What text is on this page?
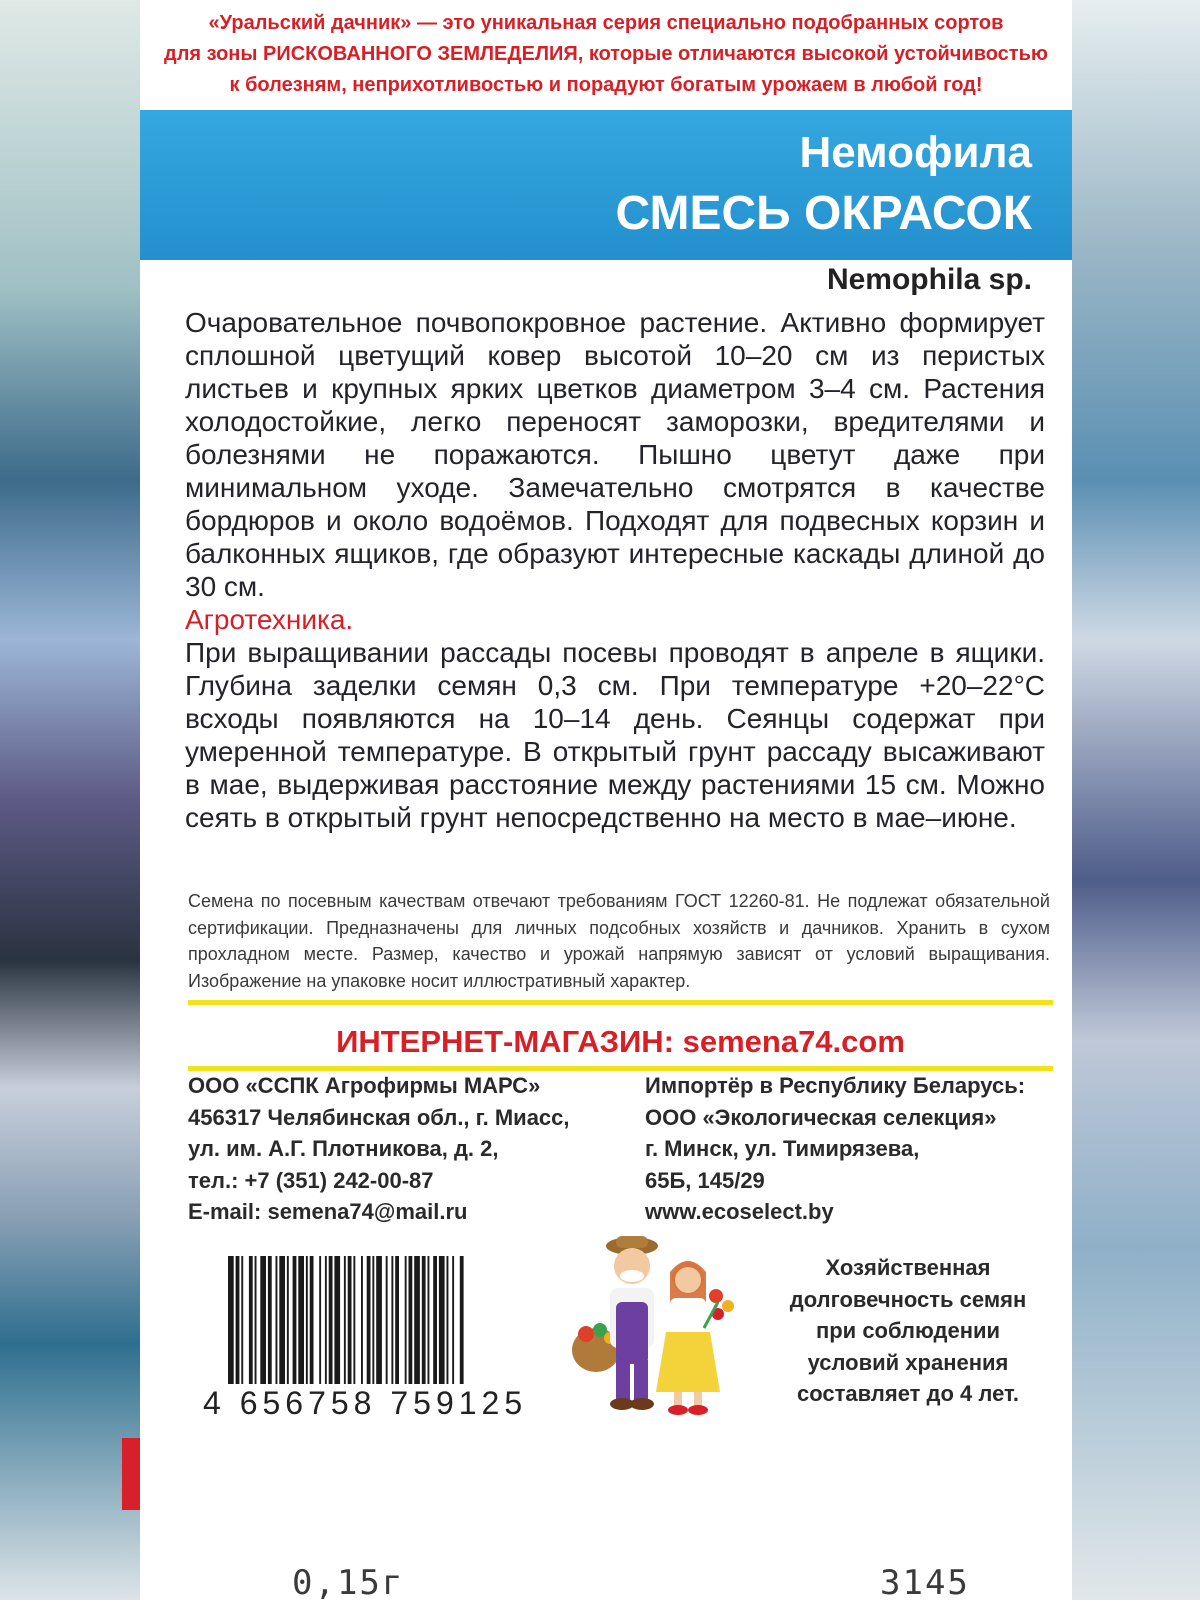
«Уральский дачник» — это уникальная серия специально подобранных сортов

для зоны РИСКОВАННОГО ЗЕМЛЕДЕЛИЯ, которые отличаются высокой устойчивостью

к болезням, неприхотливостью и порадуют богатым урожаем в любой год!

Немофила
СМЕСЬ ОКРАСОК
Nemophila sp.

Очаровательное почвопокровное растение. Активно формирует сплошной цветущий ковер высотой 10–20 см из перистых листьев и крупных ярких цветков диаметром 3–4 см. Растения холодостойкие, легко переносят заморозки, вредителями и болезнями не поражаются. Пышно цветут даже при минимальном уходе. Замечательно смотрятся в качестве бордюров и около водоёмов. Подходят для подвесных корзин и балконных ящиков, где образуют интересные каскады длиной до 30 см.

Агротехника.

При выращивании рассады посевы проводят в апреле в ящики. Глубина заделки семян 0,3 см. При температуре +20–22°С всходы появляются на 10–14 день. Сеянцы содержат при умеренной температуре. В открытый грунт рассаду высаживают в мае, выдерживая расстояние между растениями 15 см. Можно сеять в открытый грунт непосредственно на место в мае–июне.

Семена по посевным качествам отвечают требованиям ГОСТ 12260-81. Не подлежат обязательной сертификации. Предназначены для личных подсобных хозяйств и дачников. Хранить в сухом прохладном месте. Размер, качество и урожай напрямую зависят от условий выращивания. Изображение на упаковке носит иллюстративный характер.
ИНТЕРНЕТ-МАГАЗИН: semena74.com
ООО «ССПК Агрофирмы МАРС»
456317 Челябинская обл., г. Миасс,
ул. им. А.Г. Плотникова, д. 2,
тел.: +7 (351) 242-00-87
E-mail: semena74@mail.ru
Импортёр в Республику Беларусь:
ООО «Экологическая селекция»
г. Минск, ул. Тимирязева,
65Б, 145/29
www.ecoselect.by
4 656758 759125
Хозяйственная
долговечность семян
при соблюдении
условий хранения
составляет до 4 лет.
0,15г	3145
